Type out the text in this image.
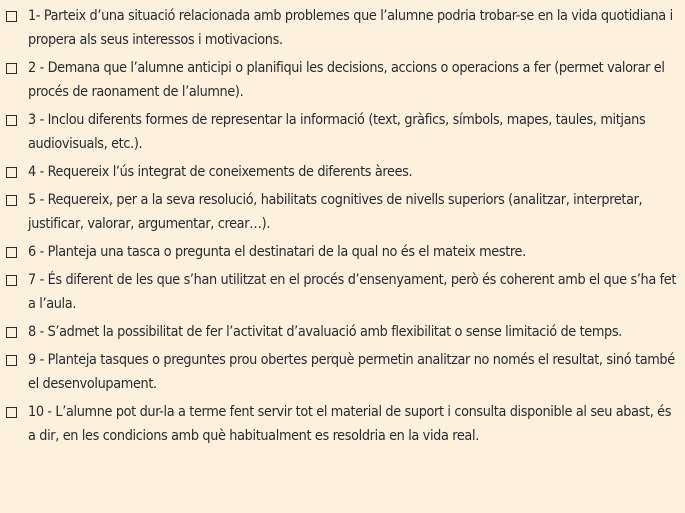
1- Parteix d’una situació relacionada amb problemes que l’alumne podria trobar-se en la vida quotidiana i propera als seus interessos i motivacions.
2 - Demana que l’alumne anticipi o planifiqui les decisions, accions o operacions a fer (permet valorar el procés de raonament de l’alumne).
3 - Inclou diferents formes de representar la informació (text, gràfics, símbols, mapes, taules, mitjans audiovisuals, etc.).
4 - Requereix l’ús integrat de coneixements de diferents àrees.
5 - Requereix, per a la seva resolució, habilitats cognitives de nivells superiors (analitzar, interpretar, justificar, valorar, argumentar, crear…).
6 - Planteja una tasca o pregunta el destinatari de la qual no és el mateix mestre.
7 - És diferent de les que s’han utilitzat en el procés d’ensenyament, però és coherent amb el que s’ha fet a l’aula.
8 - S’admet la possibilitat de fer l’activitat d’avaluació amb flexibilitat o sense limitació de temps.
9 - Planteja tasques o preguntes prou obertes perquè permetin analitzar no només el resultat, sinó també el desenvolupament.
10 - L’alumne pot dur-la a terme fent servir tot el material de suport i consulta disponible al seu abast, és a dir, en les condicions amb què habitualment es resoldria en la vida real.
